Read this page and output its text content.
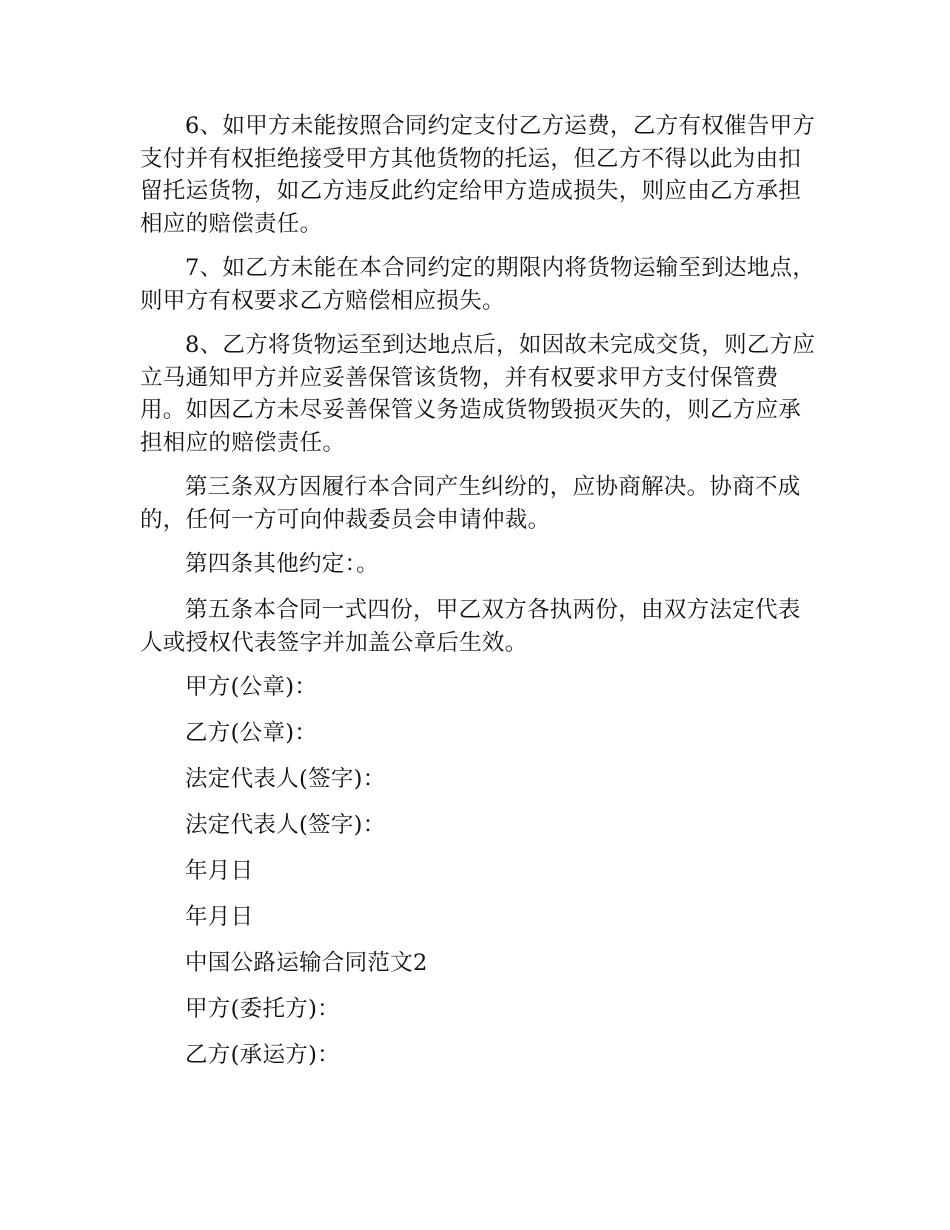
6、如甲方未能按照合同约定支付乙方运费，乙方有权催告甲方支付并有权拒绝接受甲方其他货物的托运，但乙方不得以此为由扣留托运货物，如乙方违反此约定给甲方造成损失，则应由乙方承担相应的赔偿责任。

7、如乙方未能在本合同约定的期限内将货物运输至到达地点，则甲方有权要求乙方赔偿相应损失。

8、乙方将货物运至到达地点后，如因故未完成交货，则乙方应立马通知甲方并应妥善保管该货物，并有权要求甲方支付保管费用。如因乙方未尽妥善保管义务造成货物毁损灭失的，则乙方应承担相应的赔偿责任。

第三条双方因履行本合同产生纠纷的，应协商解决。协商不成的，任何一方可向仲裁委员会申请仲裁。

第四条其他约定：。

第五条本合同一式四份，甲乙双方各执两份，由双方法定代表人或授权代表签字并加盖公章后生效。

甲方(公章)：

乙方(公章)：

法定代表人(签字)：

法定代表人(签字)：

年月日

年月日

中国公路运输合同范文2

甲方(委托方)：

乙方(承运方)：
